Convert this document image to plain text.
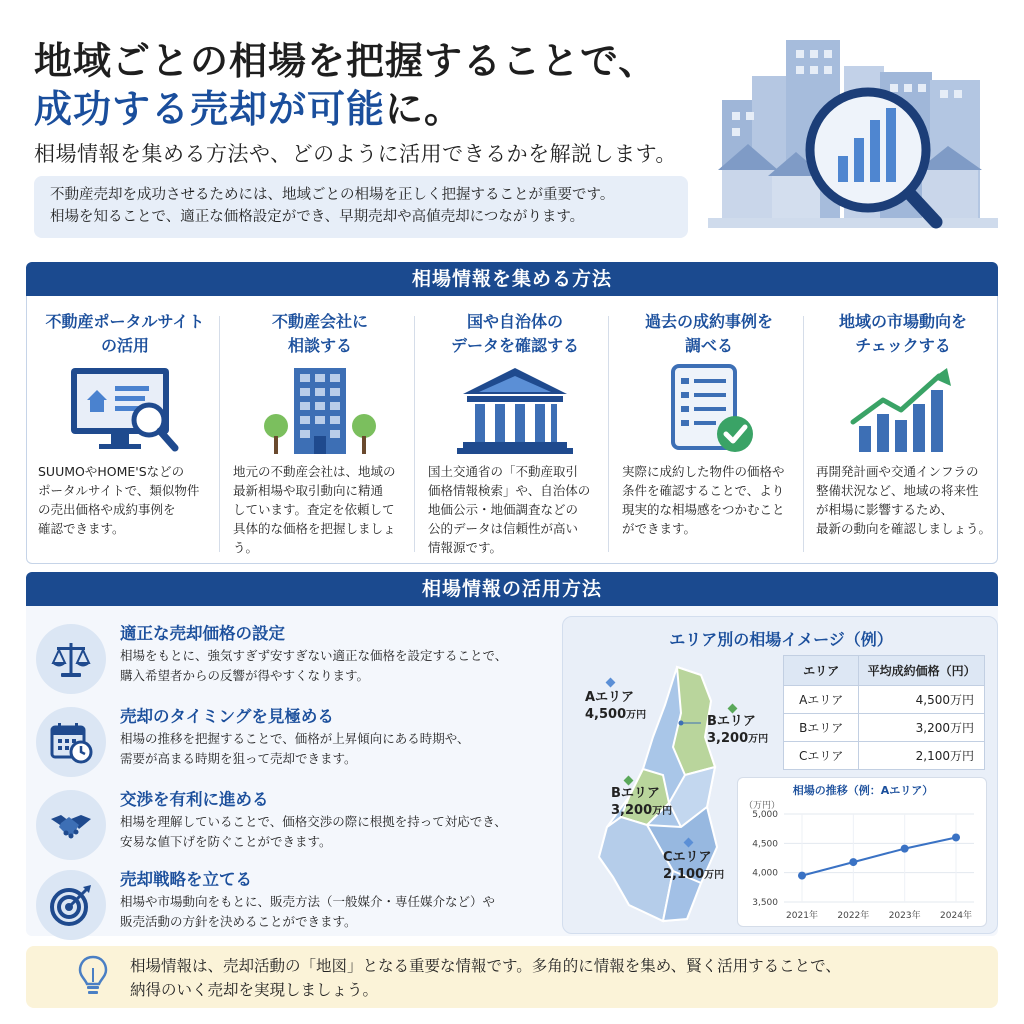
地域ごとの相場を把握することで、
成功する売却が可能に。
相場情報を集める方法や、どのように活用できるかを解説します。
不動産売却を成功させるためには、地域ごとの相場を正しく把握することが重要です。
相場を知ることで、適正な価格設定ができ、早期売却や高値売却につながります。
相場情報を集める方法
不動産ポータルサイト
の活用
SUUMOやHOME'Sなどの
ポータルサイトで、類似物件
の売出価格や成約事例を
確認できます。
不動産会社に
相談する
地元の不動産会社は、地域の
最新相場や取引動向に精通
しています。査定を依頼して
具体的な価格を把握しましょう。
国や自治体の
データを確認する
国土交通省の「不動産取引
価格情報検索」や、自治体の
地価公示・地価調査などの
公的データは信頼性が高い
情報源です。
過去の成約事例を
調べる
実際に成約した物件の価格や
条件を確認することで、より
現実的な相場感をつかむこと
ができます。
地域の市場動向を
チェックする
再開発計画や交通インフラの
整備状況など、地域の将来性
が相場に影響するため、
最新の動向を確認しましょう。
相場情報の活用方法
適正な売却価格の設定
相場をもとに、強気すぎず安すぎない適正な価格を設定することで、
購入希望者からの反響が得やすくなります。
売却のタイミングを見極める
相場の推移を把握することで、価格が上昇傾向にある時期や、
需要が高まる時期を狙って売却できます。
交渉を有利に進める
相場を理解していることで、価格交渉の際に根拠を持って対応でき、
安易な値下げを防ぐことができます。
売却戦略を立てる
相場や市場動向をもとに、販売方法（一般媒介・専任媒介など）や
販売活動の方針を決めることができます。
エリア別の相場イメージ（例）
Aエリア
4,500万円	Bエリア
3,200万円
Bエリア
3,200万円
Cエリア
2,100万円
エリア	平均成約価格（円）
Aエリア	4,500万円
Bエリア	3,200万円
Cエリア	2,100万円
相場の推移（例：Aエリア）
（万円）
3,500
4,000
4,500
5,000
2021年 2022年 2023年 2024年
相場情報は、売却活動の「地図」となる重要な情報です。多角的に情報を集め、賢く活用することで、
納得のいく売却を実現しましょう。
